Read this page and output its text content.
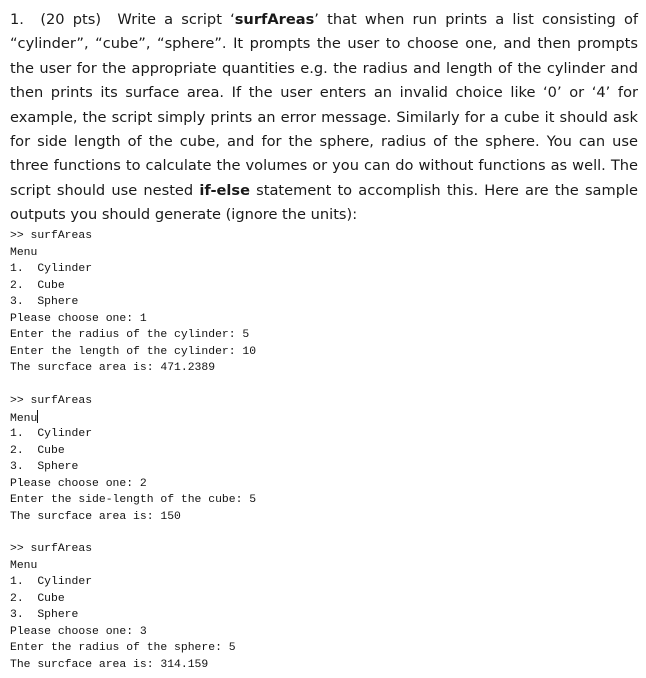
1. (20 pts) Write a script ‘surfAreas’ that when run prints a list consisting of “cylinder”, “cube”, “sphere”. It prompts the user to choose one, and then prompts the user for the appropriate quantities e.g. the radius and length of the cylinder and then prints its surface area. If the user enters an invalid choice like ‘0’ or ‘4’ for example, the script simply prints an error message. Similarly for a cube it should ask for side length of the cube, and for the sphere, radius of the sphere. You can use three functions to calculate the volumes or you can do without functions as well. The script should use nested if-else statement to accomplish this. Here are the sample outputs you should generate (ignore the units):
>> surfAreas
Menu
1.  Cylinder
2.  Cube
3.  Sphere
Please choose one: 1
Enter the radius of the cylinder: 5
Enter the length of the cylinder: 10
The surcface area is: 471.2389
>> surfAreas
Menu
1.  Cylinder
2.  Cube
3.  Sphere
Please choose one: 2
Enter the side-length of the cube: 5
The surcface area is: 150
>> surfAreas
Menu
1.  Cylinder
2.  Cube
3.  Sphere
Please choose one: 3
Enter the radius of the sphere: 5
The surcface area is: 314.159
